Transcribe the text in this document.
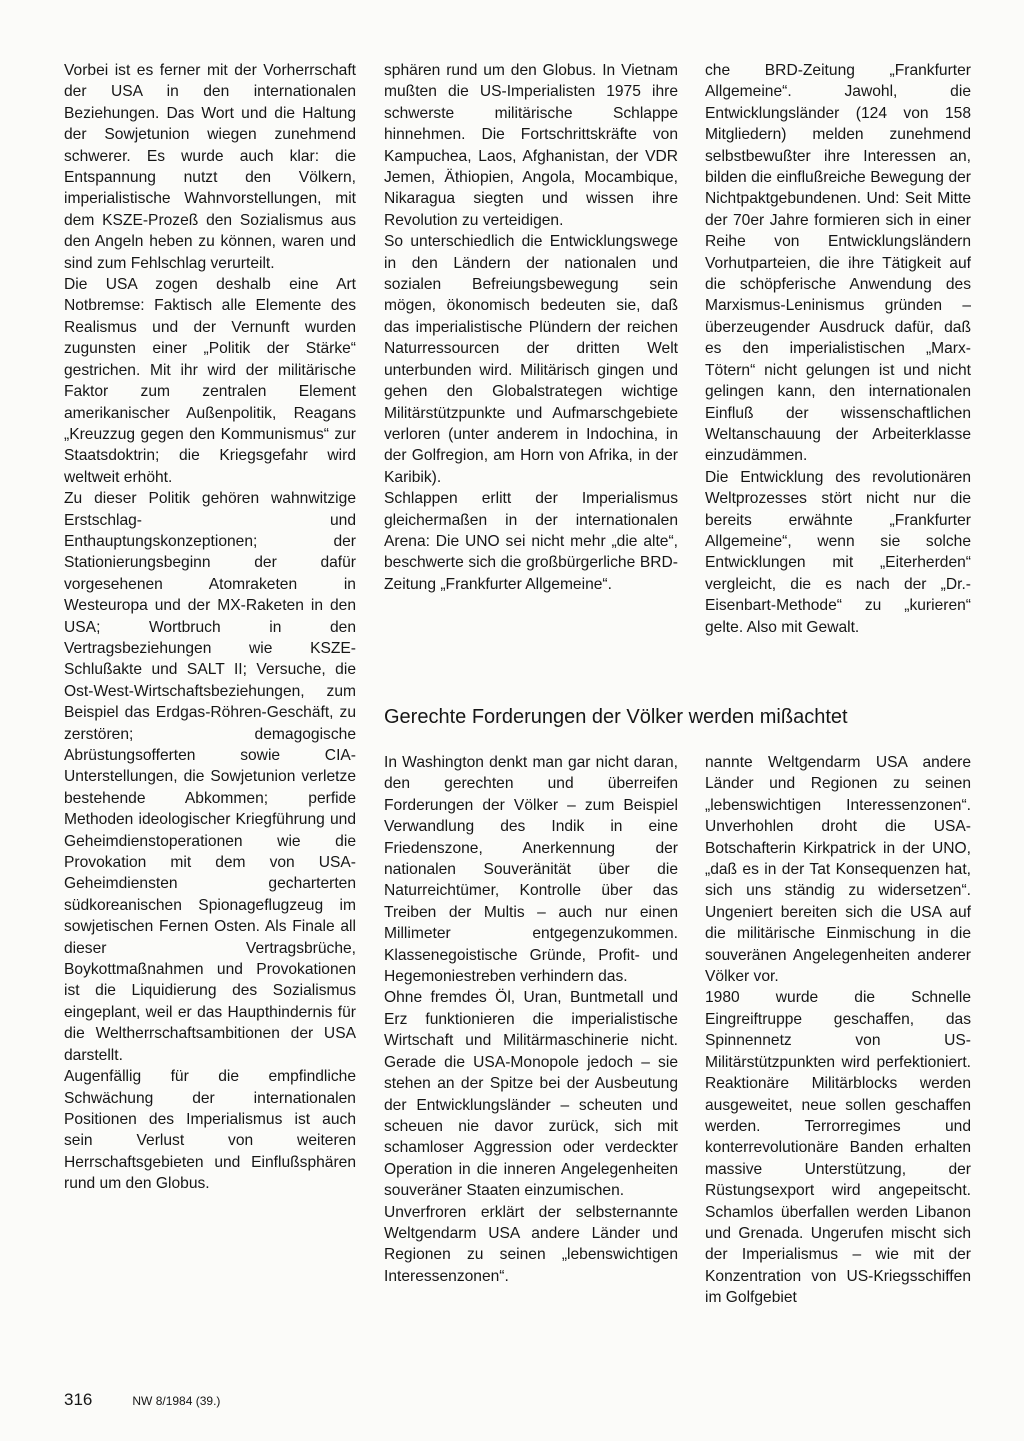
Vorbei ist es ferner mit der Vorherrschaft der USA in den internationalen Beziehungen. Das Wort und die Haltung der Sowjetunion wiegen zunehmend schwerer. Es wurde auch klar: die Entspannung nutzt den Völkern, imperialistische Wahnvorstellungen, mit dem KSZE-Prozeß den Sozialismus aus den Angeln heben zu können, waren und sind zum Fehlschlag verurteilt.

Die USA zogen deshalb eine Art Notbremse: Faktisch alle Elemente des Realismus und der Vernunft wurden zugunsten einer „Politik der Stärke“ gestrichen. Mit ihr wird der militärische Faktor zum zentralen Element amerikanischer Außenpolitik, Reagans „Kreuzzug gegen den Kommunismus“ zur Staatsdoktrin; die Kriegsgefahr wird weltweit erhöht.

Zu dieser Politik gehören wahnwitzige Erstschlag- und Enthauptungskonzeptionen; der Stationierungsbeginn der dafür vorgesehenen Atomraketen in Westeuropa und der MX-Raketen in den USA; Wortbruch in den Vertragsbeziehungen wie KSZE-Schlußakte und SALT II; Versuche, die Ost-West-Wirtschaftsbeziehungen, zum Beispiel das Erdgas-Röhren-Geschäft, zu zerstören; demagogische Abrüstungsofferten sowie CIA-Unterstellungen, die Sowjetunion verletze bestehende Abkommen; perfide Methoden ideologischer Kriegführung und Geheimdienstoperationen wie die Provokation mit dem von USA-Geheimdiensten gecharterten südkoreanischen Spionageflugzeug im sowjetischen Fernen Osten. Als Finale all dieser Vertragsbrüche, Boykottmaßnahmen und Provokationen ist die Liquidierung des Sozialismus eingeplant, weil er das Haupthindernis für die Weltherrschaftsambitionen der USA darstellt.

Augenfällig für die empfindliche Schwächung der internationalen Positionen des Imperialismus ist auch sein Verlust von weiteren Herrschaftsgebieten und Einflußsphären rund um den Globus.

sphären rund um den Globus. In Vietnam mußten die US-Imperialisten 1975 ihre schwerste militärische Schlappe hinnehmen. Die Fortschrittskräfte von Kampuchea, Laos, Afghanistan, der VDR Jemen, Äthiopien, Angola, Mocambique, Nikaragua siegten und wissen ihre Revolution zu verteidigen.

So unterschiedlich die Entwicklungswege in den Ländern der nationalen und sozialen Befreiungsbewegung sein mögen, ökonomisch bedeuten sie, daß das imperialistische Plündern der reichen Naturressourcen der dritten Welt unterbunden wird. Militärisch gingen und gehen den Globalstrategen wichtige Militärstützpunkte und Aufmarschgebiete verloren (unter anderem in Indochina, in der Golfregion, am Horn von Afrika, in der Karibik).

Schlappen erlitt der Imperialismus gleichermaßen in der internationalen Arena: Die UNO sei nicht mehr „die alte“, beschwerte sich die großbürgerliche BRD-Zeitung „Frankfurter Allgemeine“.

che BRD-Zeitung „Frankfurter Allgemeine“. Jawohl, die Entwicklungsländer (124 von 158 Mitgliedern) melden zunehmend selbstbewußter ihre Interessen an, bilden die einflußreiche Bewegung der Nichtpaktgebundenen. Und: Seit Mitte der 70er Jahre formieren sich in einer Reihe von Entwicklungsländern Vorhutparteien, die ihre Tätigkeit auf die schöpferische Anwendung des Marxismus-Leninismus gründen – überzeugender Ausdruck dafür, daß es den imperialistischen „Marx-Tötern“ nicht gelungen ist und nicht gelingen kann, den internationalen Einfluß der wissenschaftlichen Weltanschauung der Arbeiterklasse einzudämmen.

Die Entwicklung des revolutionären Weltprozesses stört nicht nur die bereits erwähnte „Frankfurter Allgemeine“, wenn sie solche Entwicklungen mit „Eiterherden“ vergleicht, die es nach der „Dr.-Eisenbart-Methode“ zu „kurieren“ gelte. Also mit Gewalt.

Gerechte Forderungen der Völker werden mißachtet

In Washington denkt man gar nicht daran, den gerechten und überreifen Forderungen der Völker – zum Beispiel Verwandlung des Indik in eine Friedenszone, Anerkennung der nationalen Souveränität über die Naturreichtümer, Kontrolle über das Treiben der Multis – auch nur einen Millimeter entgegenzukommen. Klassenegoistische Gründe, Profit- und Hegemoniestreben verhindern das.

Ohne fremdes Öl, Uran, Buntmetall und Erz funktionieren die imperialistische Wirtschaft und Militärmaschinerie nicht. Gerade die USA-Monopole jedoch – sie stehen an der Spitze bei der Ausbeutung der Entwicklungsländer – scheuten und scheuen nie davor zurück, sich mit schamloser Aggression oder verdeckter Operation in die inneren Angelegenheiten souveräner Staaten einzumischen.

Unverfroren erklärt der selbsternannte Weltgendarm USA andere Länder und Regionen zu seinen „lebenswichtigen Interessenzonen“.

nannte Weltgendarm USA andere Länder und Regionen zu seinen „lebenswichtigen Interessenzonen“. Unverhohlen droht die USA-Botschafterin Kirkpatrick in der UNO, „daß es in der Tat Konsequenzen hat, sich uns ständig zu widersetzen“. Ungeniert bereiten sich die USA auf die militärische Einmischung in die souveränen Angelegenheiten anderer Völker vor.

1980 wurde die Schnelle Eingreiftruppe geschaffen, das Spinnennetz von US-Militärstützpunkten wird perfektioniert. Reaktionäre Militärblocks werden ausgeweitet, neue sollen geschaffen werden. Terrorregimes und konterrevolutionäre Banden erhalten massive Unterstützung, der Rüstungsexport wird angepeitscht. Schamlos überfallen werden Libanon und Grenada. Ungerufen mischt sich der Imperialismus – wie mit der Konzentration von US-Kriegsschiffen im Golfgebiet

316	NW 8/1984 (39.)
